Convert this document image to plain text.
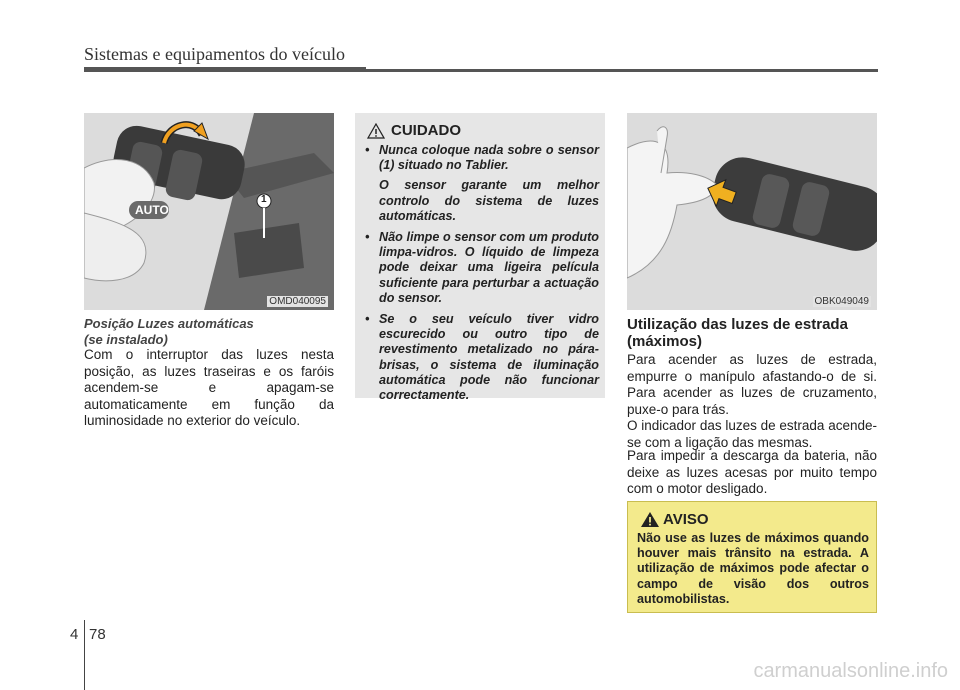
Sistemas e equipamentos do veículo
AUTO
1
OMD040095
Posição Luzes automáticas
(se instalado)
Com o interruptor das luzes nesta posição, as luzes traseiras e os faróis acendem-se e apagam-se automaticamente em função da luminosidade no exterior do veículo.
CUIDADO
• Nunca coloque nada sobre o sensor (1) situado no Tablier.

O sensor garante um melhor controlo do sistema de luzes automáticas.

• Não limpe o sensor com um produto limpa-vidros. O líquido de limpeza pode deixar uma ligeira película suficiente para perturbar a actuação do sensor.

• Se o seu veículo tiver vidro escurecido ou outro tipo de revestimento metalizado no pára-brisas, o sistema de iluminação automática pode não funcionar correctamente.

OBK049049
Utilização das luzes de estrada (máximos)
Para acender as luzes de estrada, empurre o manípulo afastando-o de si. Para acender as luzes de cruzamento, puxe-o para trás.
O indicador das luzes de estrada acende-se com a ligação das mesmas.
Para impedir a descarga da bateria, não deixe as luzes acesas por muito tempo com o motor desligado.
AVISO
Não use as luzes de máximos quando houver mais trânsito na estrada. A utilização de máximos pode afectar o campo de visão dos outros automobilistas.
4 78
carmanualsonline.info
